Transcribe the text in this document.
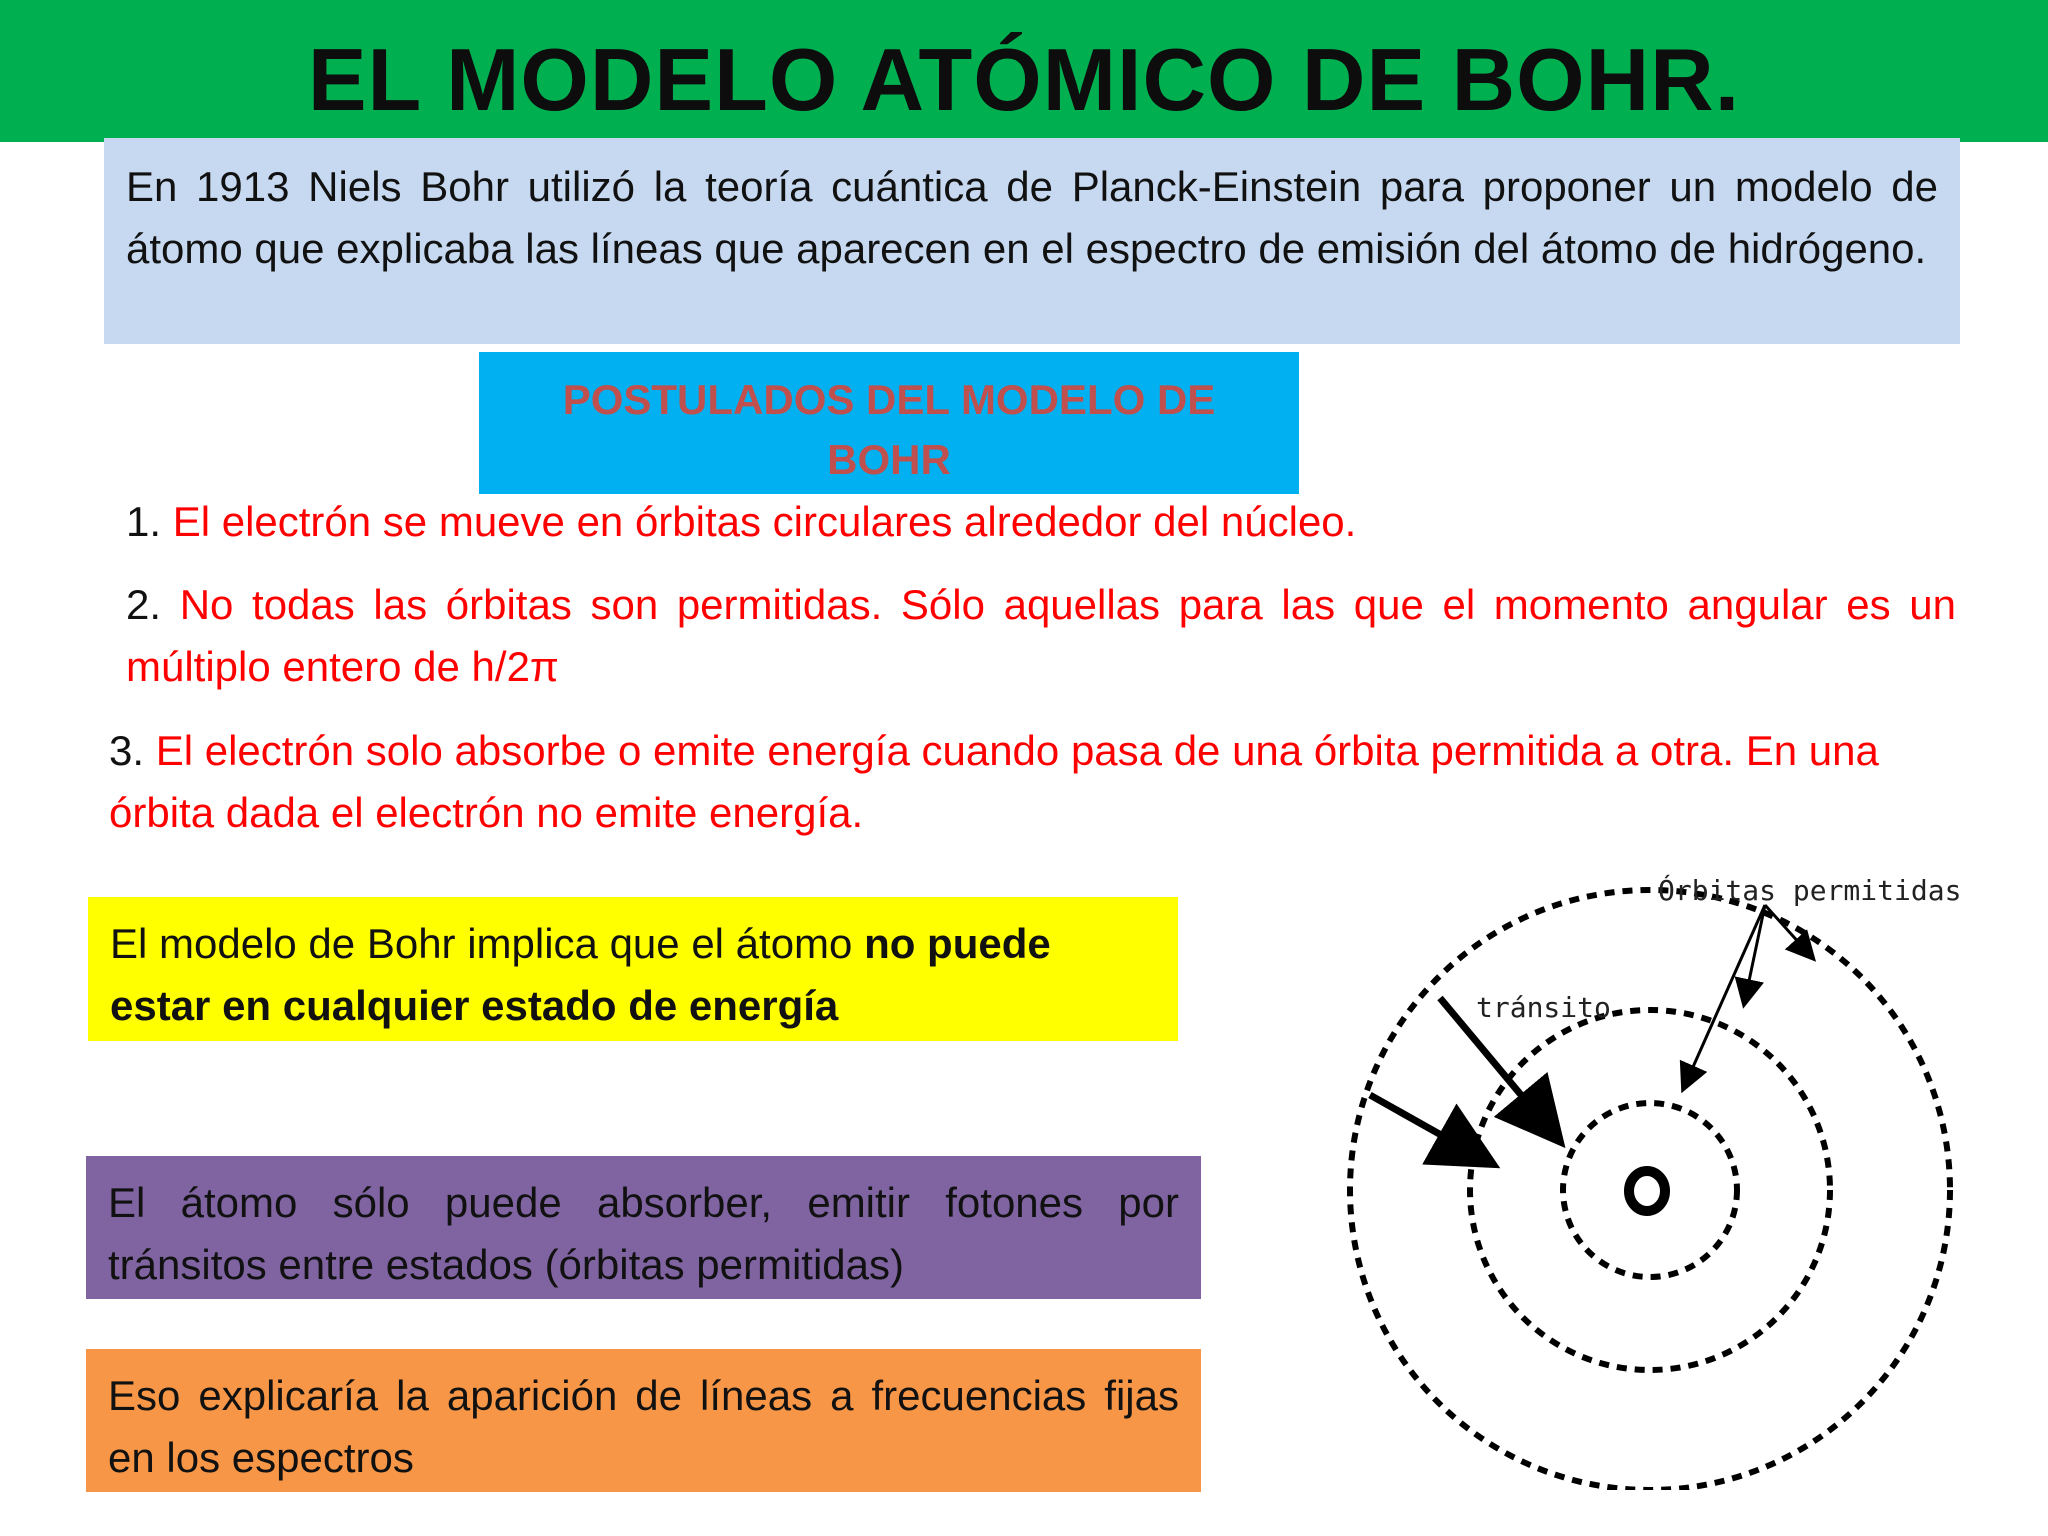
EL MODELO ATÓMICO DE BOHR.
En 1913 Niels Bohr utilizó la teoría cuántica de Planck-Einstein para proponer un modelo de átomo que explicaba las líneas que aparecen en el espectro de emisión del átomo de hidrógeno.
POSTULADOS DEL MODELO DE
BOHR
1. El electrón se mueve en órbitas circulares alrededor del núcleo.
2. No todas las órbitas son permitidas. Sólo aquellas para las que el momento angular es un múltiplo entero de h/2π
3. El electrón solo absorbe o emite energía cuando pasa de una órbita permitida a otra. En una órbita dada el electrón no emite energía.
El modelo de Bohr implica que el átomo no puede estar en cualquier estado de energía
El átomo sólo puede absorber, emitir fotones por tránsitos entre estados (órbitas permitidas)
Eso explicaría la aparición de líneas a frecuencias fijas en los espectros
Órbitas permitidas
tránsito
